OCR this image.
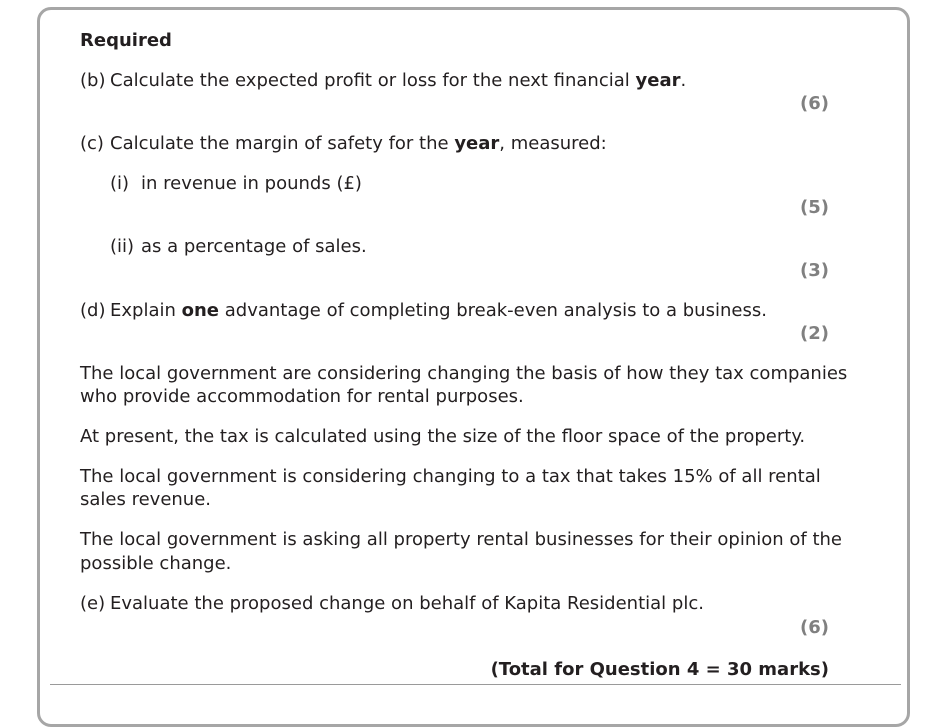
Required
(b) Calculate the expected profit or loss for the next financial year.
(6)
(c) Calculate the margin of safety for the year, measured:
(i) in revenue in pounds (£)
(5)
(ii) as a percentage of sales.
(3)
(d) Explain one advantage of completing break-even analysis to a business.
(2)
The local government are considering changing the basis of how they tax companies
who provide accommodation for rental purposes.
At present, the tax is calculated using the size of the floor space of the property.
The local government is considering changing to a tax that takes 15% of all rental
sales revenue.
The local government is asking all property rental businesses for their opinion of the
possible change.
(e) Evaluate the proposed change on behalf of Kapita Residential plc.
(6)
(Total for Question 4 = 30 marks)
